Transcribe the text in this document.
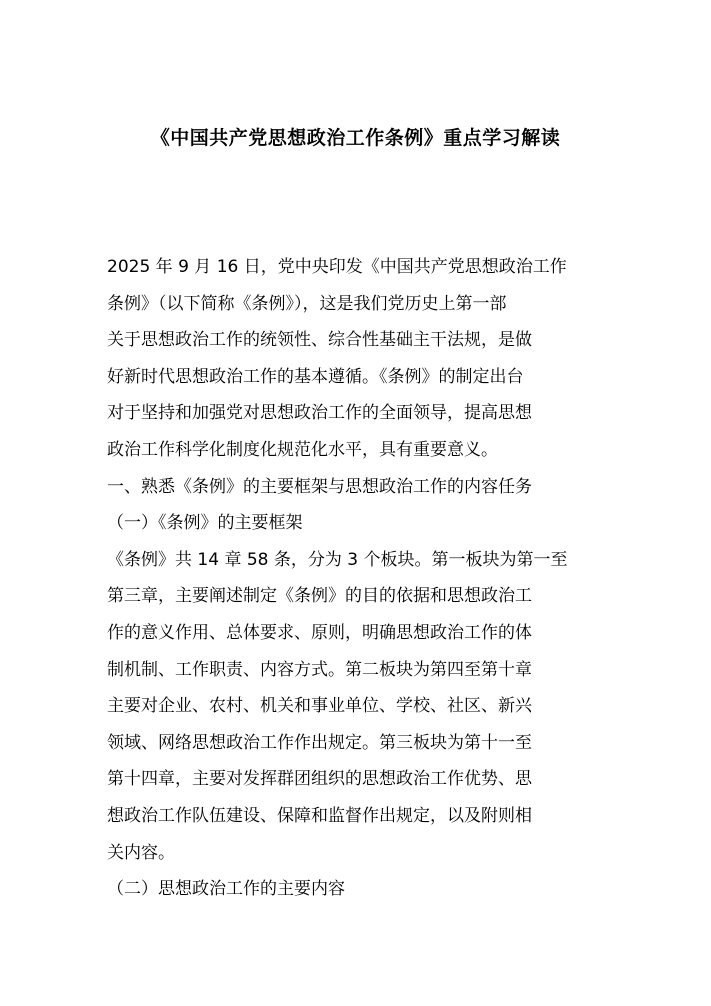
《中国共产党思想政治工作条例》重点学习解读
2025 年 9 月 16 日，党中央印发《中国共产党思想政治工作
条例》（以下简称《条例》），这是我们党历史上第一部
关于思想政治工作的统领性、综合性基础主干法规，是做
好新时代思想政治工作的基本遵循。《条例》的制定出台
对于坚持和加强党对思想政治工作的全面领导，提高思想
政治工作科学化制度化规范化水平，具有重要意义。
一、熟悉《条例》的主要框架与思想政治工作的内容任务
（一）《条例》的主要框架
《条例》共 14 章 58 条，分为 3 个板块。第一板块为第一至
第三章，主要阐述制定《条例》的目的依据和思想政治工
作的意义作用、总体要求、原则，明确思想政治工作的体
制机制、工作职责、内容方式。第二板块为第四至第十章
主要对企业、农村、机关和事业单位、学校、社区、新兴
领域、网络思想政治工作作出规定。第三板块为第十一至
第十四章，主要对发挥群团组织的思想政治工作优势、思
想政治工作队伍建设、保障和监督作出规定，以及附则相
关内容。
（二）思想政治工作的主要内容
